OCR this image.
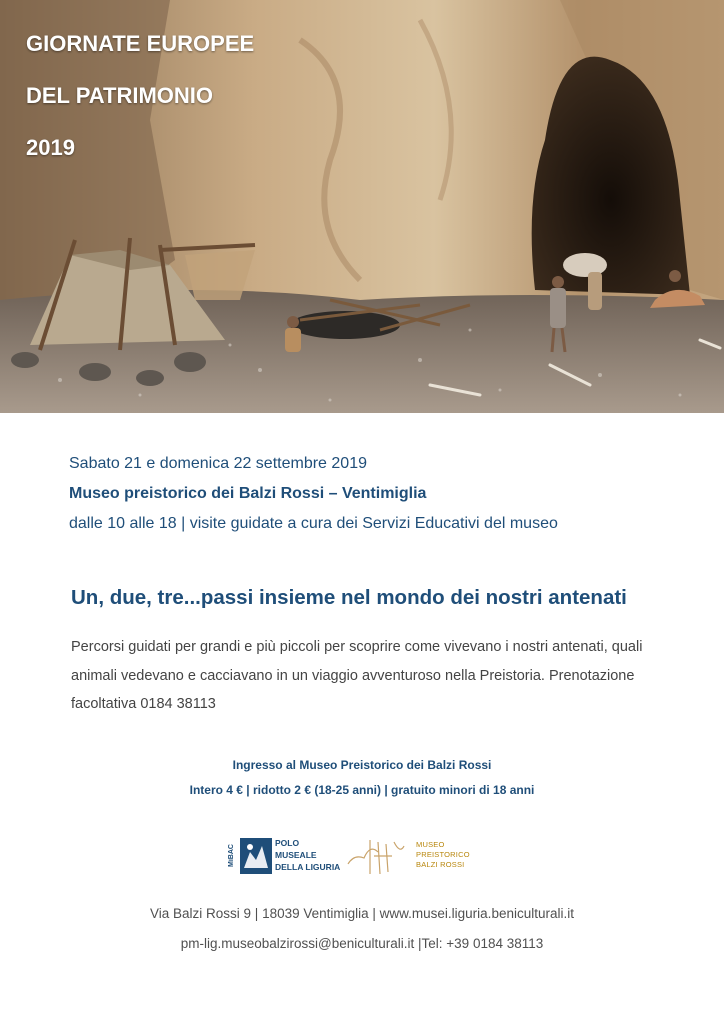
GIORNATE EUROPEE
DEL PATRIMONIO
2019
Sabato 21 e domenica 22 settembre 2019
Museo preistorico dei Balzi Rossi – Ventimiglia
dalle 10 alle 18 | visite guidate a cura dei Servizi Educativi del museo
Un, due, tre...passi insieme nel mondo dei nostri antenati

Percorsi guidati per grandi e più piccoli per scoprire come vivevano i nostri antenati, quali animali vedevano e cacciavano in un viaggio avventuroso nella Preistoria. Prenotazione facoltativa 0184 38113

Ingresso al Museo Preistorico dei Balzi Rossi
Intero 4 € | ridotto 2 € (18-25 anni) | gratuito minori di 18 anni
MiBAC
POLO
MUSEALE
DELLA LIGURIA
MUSEO
PREISTORICO
BALZI ROSSI
Via Balzi Rossi 9 | 18039 Ventimiglia | www.musei.liguria.beniculturali.it
pm-lig.museobalzirossi@beniculturali.it |Tel: +39 0184 38113
